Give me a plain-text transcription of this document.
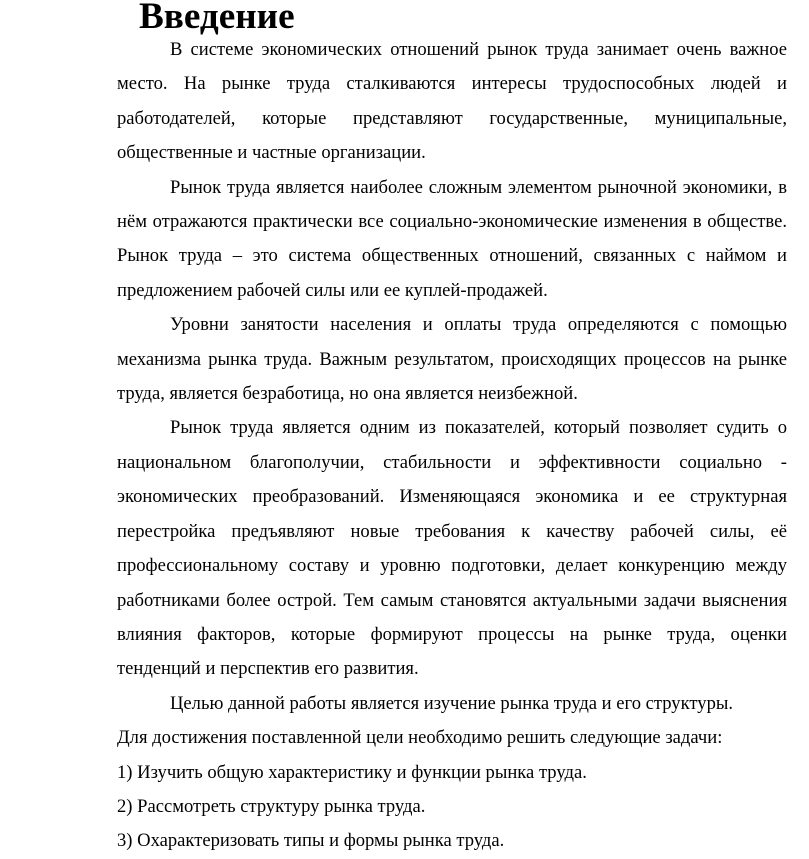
Введение

В системе экономических отношений рынок труда занимает очень важное место. На рынке труда сталкиваются интересы трудоспособных людей и работодателей, которые представляют государственные, муниципальные, общественные и частные организации.

Рынок труда является наиболее сложным элементом рыночной экономики, в нём отражаются практически все социально-экономические изменения в обществе. Рынок труда – это система общественных отношений, связанных с наймом и предложением рабочей силы или ее куплей-продажей.

Уровни занятости населения и оплаты труда определяются с помощью механизма рынка труда. Важным результатом, происходящих процессов на рынке труда, является безработица, но она является неизбежной.

Рынок труда является одним из показателей, который позволяет судить о национальном благополучии, стабильности и эффективности социально - экономических преобразований. Изменяющаяся экономика и ее структурная перестройка предъявляют новые требования к качеству рабочей силы, её профессиональному составу и уровню подготовки, делает конкуренцию между работниками более острой. Тем самым становятся актуальными задачи выяснения влияния факторов, которые формируют процессы на рынке труда, оценки тенденций и перспектив его развития.

Целью данной работы является изучение рынка труда и его структуры.

Для достижения поставленной цели необходимо решить следующие задачи:

1) Изучить общую характеристику и функции рынка труда.
2) Рассмотреть структуру рынка труда.
3) Охарактеризовать типы и формы рынка труда.
